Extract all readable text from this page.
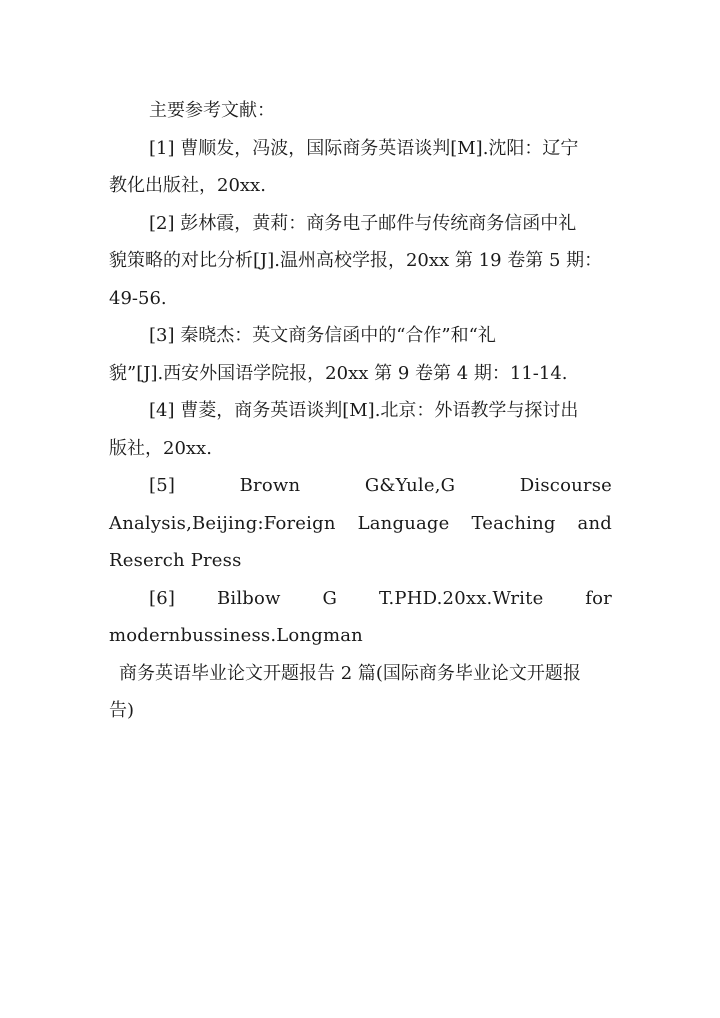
主要参考文献：

[1] 曹顺发，冯波，国际商务英语谈判[M].沈阳：辽宁

教化出版社，20xx.

[2] 彭林霞，黄莉：商务电子邮件与传统商务信函中礼

貌策略的对比分析[J].温州高校学报，20xx 第 19 卷第 5 期：

49-56.

[3] 秦晓杰：英文商务信函中的“合作”和“礼

貌”[J].西安外国语学院报，20xx 第 9 卷第 4 期：11-14.

[4] 曹菱，商务英语谈判[M].北京：外语教学与探讨出

版社，20xx.

[5]	Brown	G&Yule,G	Discourse
Analysis,Beijing:Foreign Language Teaching and

Reserch Press

[6] Bilbow G T.PHD.20xx.Write for

modernbussiness.Longman

商务英语毕业论文开题报告 2 篇(国际商务毕业论文开题报

告)
